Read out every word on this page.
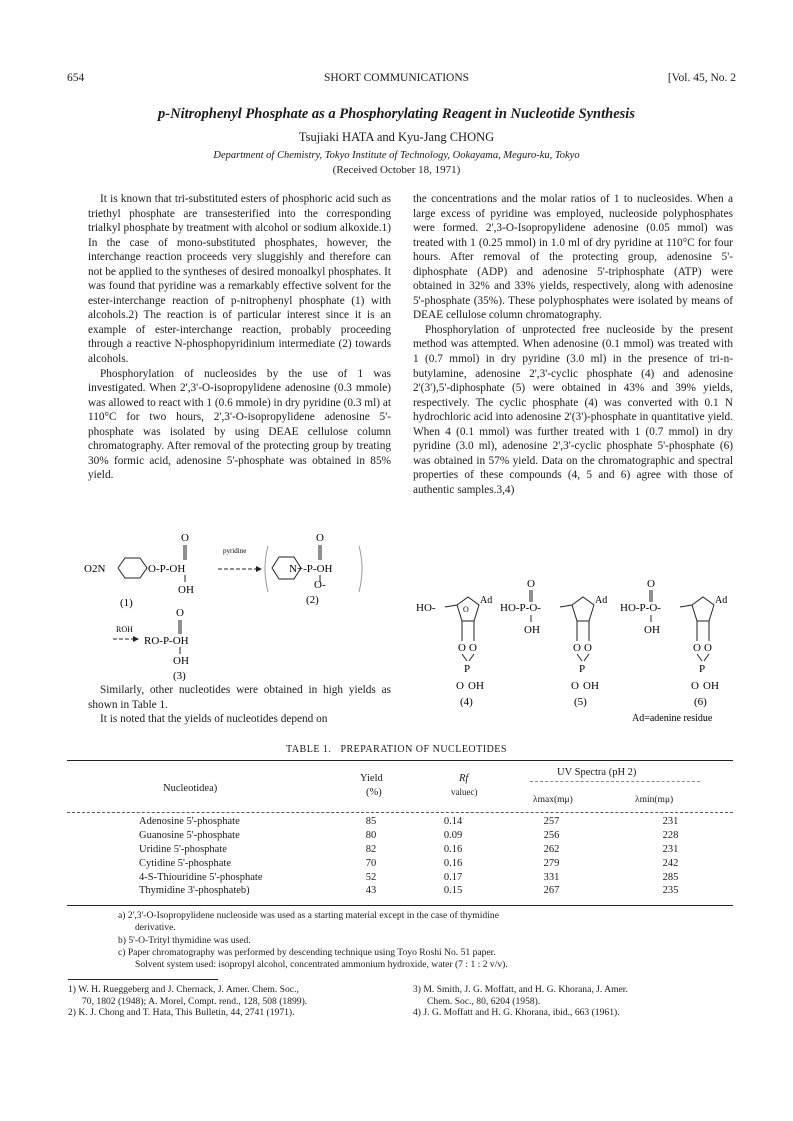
654	SHORT COMMUNICATIONS	[Vol. 45, No. 2
p-Nitrophenyl Phosphate as a Phosphorylating Reagent in Nucleotide Synthesis
Tsujiaki HATA and Kyu-Jang CHONG
Department of Chemistry, Tokyo Institute of Technology, Ookayama, Meguro-ku, Tokyo
(Received October 18, 1971)

It is known that tri-substituted esters of phosphoric acid such as triethyl phosphate are transesterified into the corresponding trialkyl phosphate by treatment with alcohol or sodium alkoxide.1) In the case of mono-substituted phosphates, however, the interchange reaction proceeds very sluggishly and therefore can not be applied to the syntheses of desired monoalkyl phosphates. It was found that pyridine was a remarkably effective solvent for the ester-interchange reaction of p-nitrophenyl phosphate (1) with alcohols.2) The reaction is of particular interest since it is an example of ester-interchange reaction, probably proceeding through a reactive N-phosphopyridinium intermediate (2) towards alcohols.

Phosphorylation of nucleosides by the use of 1 was investigated. When 2',3'-O-isopropylidene adenosine (0.3 mmole) was allowed to react with 1 (0.6 mmole) in dry pyridine (0.3 ml) at 110°C for two hours, 2',3'-O-isopropylidene adenosine 5'-phosphate was isolated by using DEAE cellulose column chromatography. After removal of the protecting group by treating 30% formic acid, adenosine 5'-phosphate was obtained in 85% yield.

O2N	O-P-OH
O
OH
pyridine
N+-P-OH
O
O-
(1)	(2)
O
ROH
RO-P-OH
OH
(3)

Similarly, other nucleotides were obtained in high yields as shown in Table 1.

It is noted that the yields of nucleotides depend on

the concentrations and the molar ratios of 1 to nucleosides. When a large excess of pyridine was employed, nucleoside polyphosphates were formed. 2',3-O-Isopropylidene adenosine (0.05 mmol) was treated with 1 (0.25 mmol) in 1.0 ml of dry pyridine at 110°C for four hours. After removal of the protecting group, adenosine 5'-diphosphate (ADP) and adenosine 5'-triphosphate (ATP) were obtained in 32% and 33% yields, respectively, along with adenosine 5'-phosphate (35%). These polyphosphates were isolated by means of DEAE cellulose column chromatography.

Phosphorylation of unprotected free nucleoside by the present method was attempted. When adenosine (0.1 mmol) was treated with 1 (0.7 mmol) in dry pyridine (3.0 ml) in the presence of tri-n-butylamine, adenosine 2',3'-cyclic phosphate (4) and adenosine 2'(3'),5'-diphosphate (5) were obtained in 43% and 39% yields, respectively. The cyclic phosphate (4) was converted with 0.1 N hydrochloric acid into adenosine 2'(3')-phosphate in quantitative yield. When 4 (0.1 mmol) was further treated with 1 (0.7 mmol) in dry pyridine (3.0 ml), adenosine 2',3'-cyclic phosphate 5'-phosphate (6) was obtained in 57% yield. Data on the chromatographic and spectral properties of these compounds (4, 5 and 6) agree with those of authentic samples.3,4)

HO-
Ad
O
O O
P
O OH
(4)
O
HO-P-O-
Ad
OH
O O
P
O OH
(5)
O
HO-P-O-
Ad
OH
O O
P
O OH
(6)
Ad=adenine residue
TABLE 1. PREPARATION OF NUCLEOTIDES
Nucleotidea)
Yield
(%)
Rf
valuec)
UV Spectra (pH 2)
λmax(mμ)	λmin(mμ)
Adenosine 5'-phosphate	85	0.14	257	231
Guanosine 5'-phosphate	80	0.09	256	228
Uridine 5'-phosphate	82	0.16	262	231
Cytidine 5'-phosphate	70	0.16	279	242
4-S-Thiouridine 5'-phosphate	52	0.17	331	285
Thymidine 3'-phosphateb)	43	0.15	267	235
a) 2',3'-O-Isopropylidene nucleoside was used as a starting material except in the case of thymidine
derivative.
b) 5'-O-Trityl thymidine was used.
c) Paper chromatography was performed by descending technique using Toyo Roshi No. 51 paper.
Solvent system used: isopropyl alcohol, concentrated ammonium hydroxide, water (7 : 1 : 2 v/v).
1) W. H. Rueggeberg and J. Chernack, J. Amer. Chem. Soc.,
70, 1802 (1948); A. Morel, Compt. rend., 128, 508 (1899).
2) K. J. Chong and T. Hata, This Bulletin, 44, 2741 (1971).
3) M. Smith, J. G. Moffatt, and H. G. Khorana, J. Amer.
Chem. Soc., 80, 6204 (1958).
4) J. G. Moffatt and H. G. Khorana, ibid., 663 (1961).
